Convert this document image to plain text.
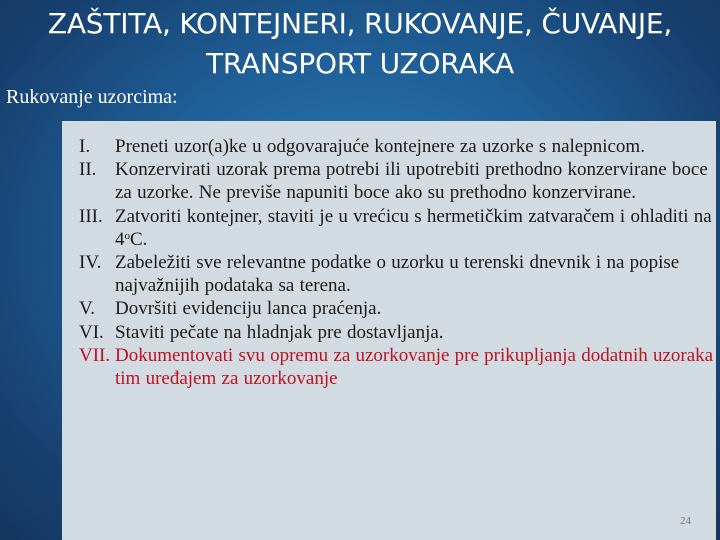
ZAŠTITA, KONTEJNERI, RUKOVANJE, ČUVANJE,
TRANSPORT UZORAKA
Rukovanje uzorcima:
I. Preneti uzor(a)ke u odgovarajuće kontejnere za uzorke s nalepnicom.
II. Konzervirati uzorak prema potrebi ili upotrebiti prethodno konzervirane boce za uzorke. Ne previše napuniti boce ako su prethodno konzervirane.
III. Zatvoriti kontejner, staviti je u vrećicu s hermetičkim zatvaračem i ohladiti na 4$^o$C.
IV. Zabeležiti sve relevantne podatke o uzorku u terenski dnevnik i na popise najvažnijih podataka sa terena.
V. Dovršiti evidenciju lanca praćenja.
VI. Staviti pečate na hladnjak pre dostavljanja.
VII. Dokumentovati svu opremu za uzorkovanje pre prikupljanja dodatnih uzoraka tim uređajem za uzorkovanje
24
